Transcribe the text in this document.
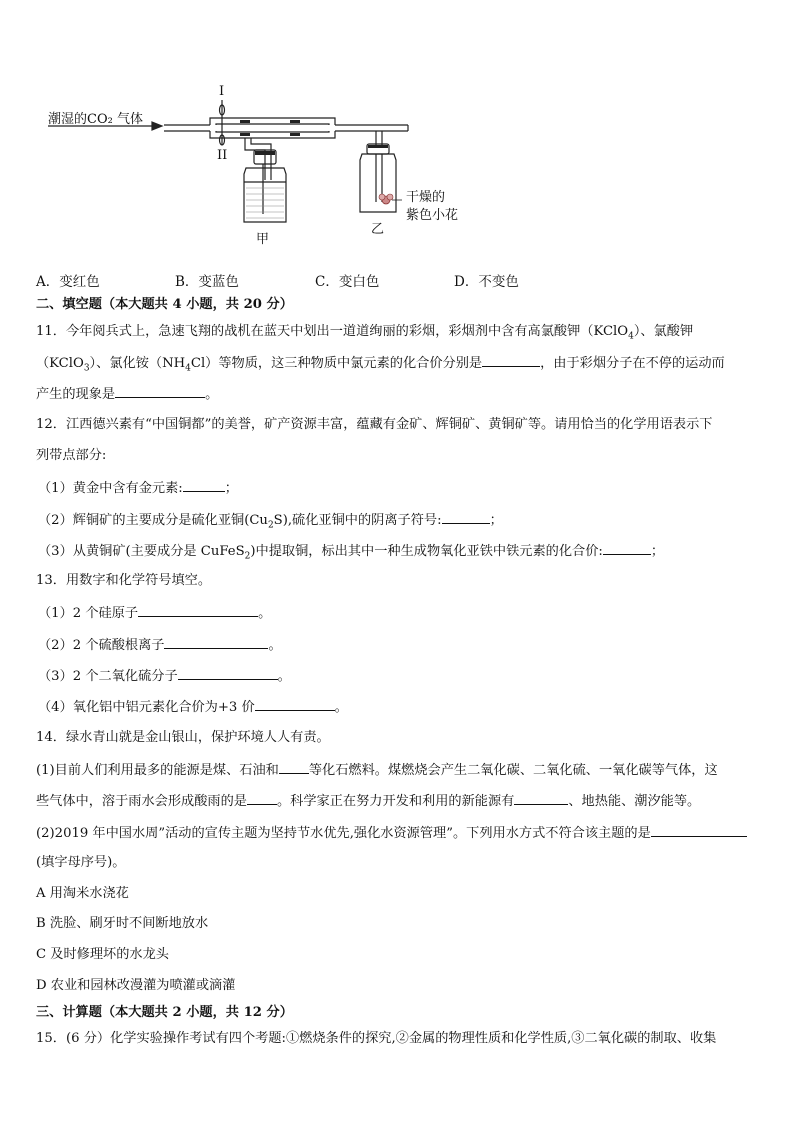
潮湿的CO₂ 气体
I
II
甲
乙
干燥的
紫色小花
A．变红色	B．变蓝色	C．变白色	D．不变色
二、填空题（本大题共 4 小题，共 20 分）
11．今年阅兵式上，急速飞翔的战机在蓝天中划出一道道绚丽的彩烟，彩烟剂中含有高氯酸钾（KClO$_4$）、氯酸钾
（KClO$_3$）、氯化铵$(NH_4Cl)$等物质，这三种物质中氯元素的化合价分别是	，由于彩烟分子在不停的运动而
产生的现象是	。
12．江西德兴素有“中国铜都”的美誉，矿产资源丰富，蕴藏有金矿、辉铜矿、黄铜矿等。请用恰当的化学用语表示下
列带点部分:
（1）黄金中含有金元素:	；
（2）辉铜矿的主要成分是硫化亚铜$(Cu_2S)$,硫化亚铜中的阴离子符号:	；
（3）从黄铜矿(主要成分是 CuFeS$_2$)中提取铜，标出其中一种生成物氧化亚铁中铁元素的化合价:	；
13．用数字和化学符号填空。
（1）2 个硅原子	。
（2）2 个硫酸根离子	。
（3）2 个二氧化硫分子	。
（4）氧化铝中铝元素化合价为+3 价	。
14．绿水青山就是金山银山，保护环境人人有责。
(1)目前人们利用最多的能源是煤、石油和 等化石燃料。煤燃烧会产生二氧化碳、二氧化硫、一氧化碳等气体，这
些气体中，溶于雨水会形成酸雨的是 。科学家正在努力开发和利用的新能源有	、地热能、潮汐能等。
(2)2019 年中国水周”活动的宣传主题为坚持节水优先,强化水资源管理”。下列用水方式不符合该主题的是
(填字母序号)。
A 用淘米水浇花
B 洗脸、刷牙时不间断地放水
C 及时修理坏的水龙头
D 农业和园林改漫灌为喷灌或滴灌
三、计算题（本大题共 2 小题，共 12 分）
15．(6 分）化学实验操作考试有四个考题:①燃烧条件的探究,②金属的物理性质和化学性质,③二氧化碳的制取、收集
